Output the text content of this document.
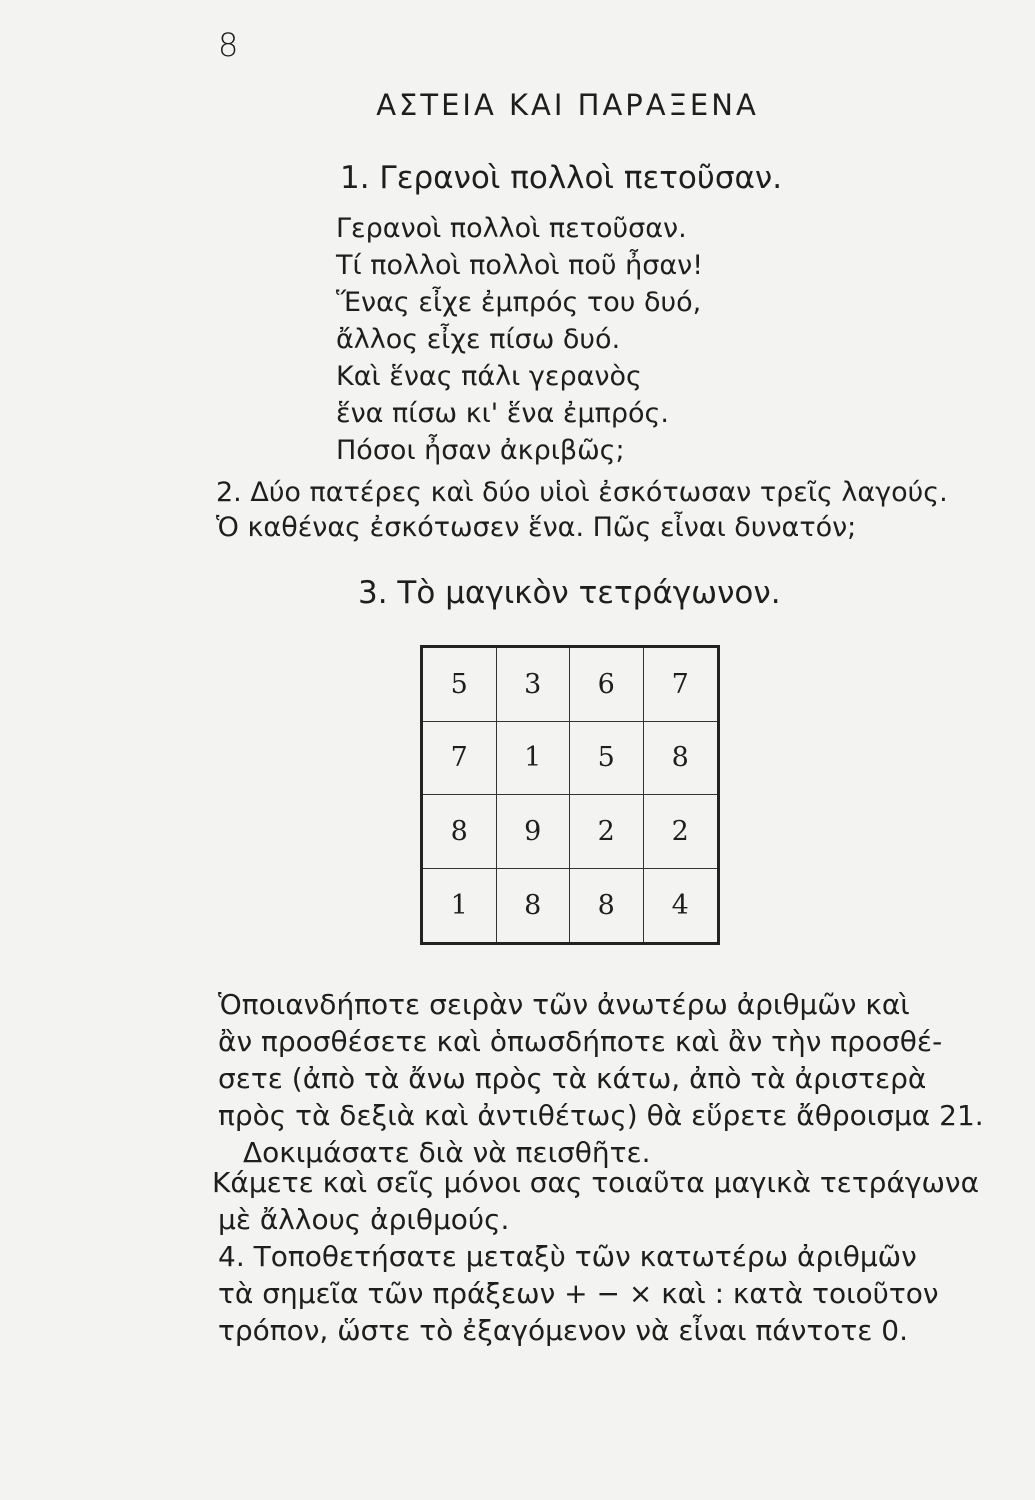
8
ΑΣΤΕΙΑ ΚΑΙ ΠΑΡΑΞΕΝΑ
1. Γερανοὶ πολλοὶ πετοῦσαν.
Γερανοὶ πολλοὶ πετοῦσαν.
Τί πολλοὶ πολλοὶ ποῦ ἦσαν!
Ἕνας εἶχε ἐμπρός του δυό,
ἄλλος εἶχε πίσω δυό.
Καὶ ἕνας πάλι γερανὸς
ἕνα πίσω κι' ἕνα ἐμπρός.
Πόσοι ἦσαν ἀκριβῶς;
2. Δύο πατέρες καὶ δύο υἱοὶ ἐσκότωσαν τρεῖς λαγούς.
Ὁ καθένας ἐσκότωσεν ἕνα. Πῶς εἶναι δυνατόν;
3. Τὸ μαγικὸν τετράγωνον.
5	3	6	7
7	1	5	8
8	9	2	2
1	8	8	4
Ὁποιανδήποτε σειρὰν τῶν ἀνωτέρω ἀριθμῶν καὶ
ἂν προσθέσετε καὶ ὁπωσδήποτε καὶ ἂν τὴν προσθέ-
σετε (ἀπὸ τὰ ἄνω πρὸς τὰ κάτω, ἀπὸ τὰ ἀριστερὰ
πρὸς τὰ δεξιὰ καὶ ἀντιθέτως) θὰ εὕρετε ἄθροισμα 21.
Δοκιμάσατε διὰ νὰ πεισθῆτε.
Κάμετε καὶ σεῖς μόνοι σας τοιαῦτα μαγικὰ τετράγωνα
μὲ ἄλλους ἀριθμούς.
4. Τοποθετήσατε μεταξὺ τῶν κατωτέρω ἀριθμῶν
τὰ σημεῖα τῶν πράξεων + − × καὶ : κατὰ τοιοῦτον
τρόπον, ὥστε τὸ ἐξαγόμενον νὰ εἶναι πάντοτε 0.
